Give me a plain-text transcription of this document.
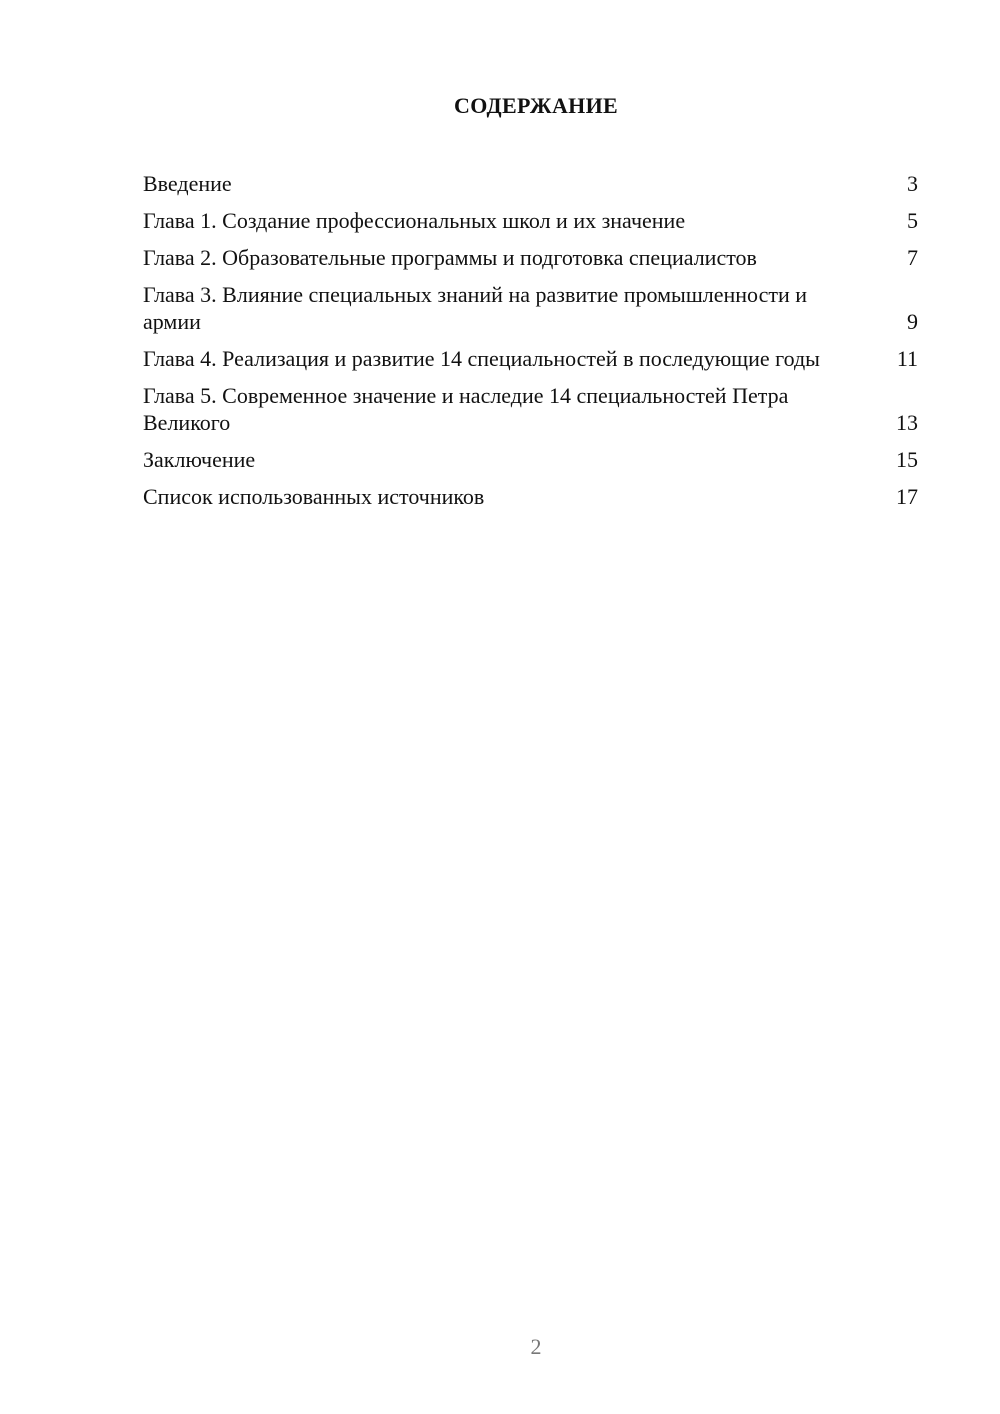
СОДЕРЖАНИЕ
Введение	3
Глава 1. Создание профессиональных школ и их значение	5
Глава 2. Образовательные программы и подготовка специалистов	7
Глава 3. Влияние специальных знаний на развитие промышленности и армии	9
Глава 4. Реализация и развитие 14 специальностей в последующие годы	11
Глава 5. Современное значение и наследие 14 специальностей Петра Великого	13
Заключение	15
Список использованных источников	17
2
